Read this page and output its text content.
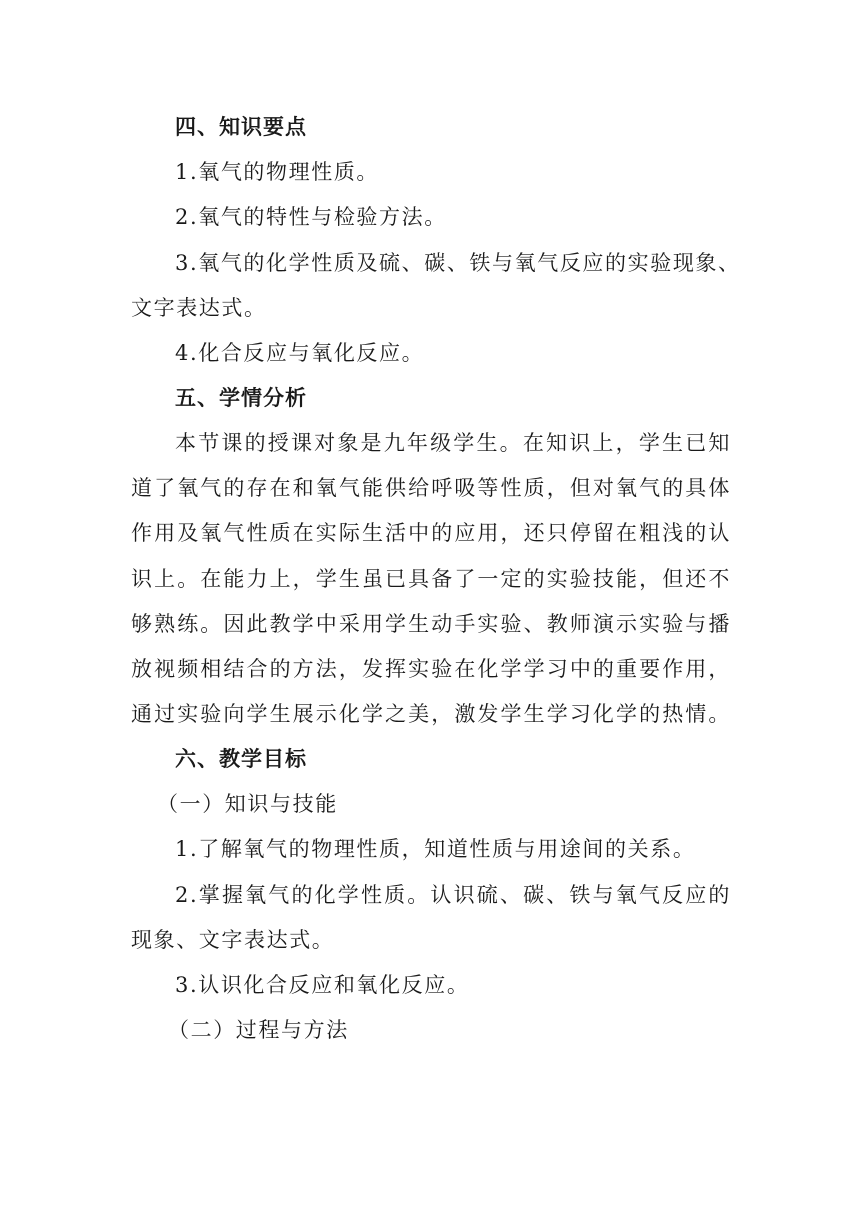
四、知识要点
1.氧气的物理性质。
2.氧气的特性与检验方法。
3.氧气的化学性质及硫、碳、铁与氧气反应的实验现象、
文字表达式。
4.化合反应与氧化反应。
五、学情分析
本节课的授课对象是九年级学生。在知识上，学生已知
道了氧气的存在和氧气能供给呼吸等性质，但对氧气的具体
作用及氧气性质在实际生活中的应用，还只停留在粗浅的认
识上。在能力上，学生虽已具备了一定的实验技能，但还不
够熟练。因此教学中采用学生动手实验、教师演示实验与播
放视频相结合的方法，发挥实验在化学学习中的重要作用，
通过实验向学生展示化学之美，激发学生学习化学的热情。
六、教学目标
（一）知识与技能
1.了解氧气的物理性质，知道性质与用途间的关系。
2.掌握氧气的化学性质。认识硫、碳、铁与氧气反应的
现象、文字表达式。
3.认识化合反应和氧化反应。
（二）过程与方法
